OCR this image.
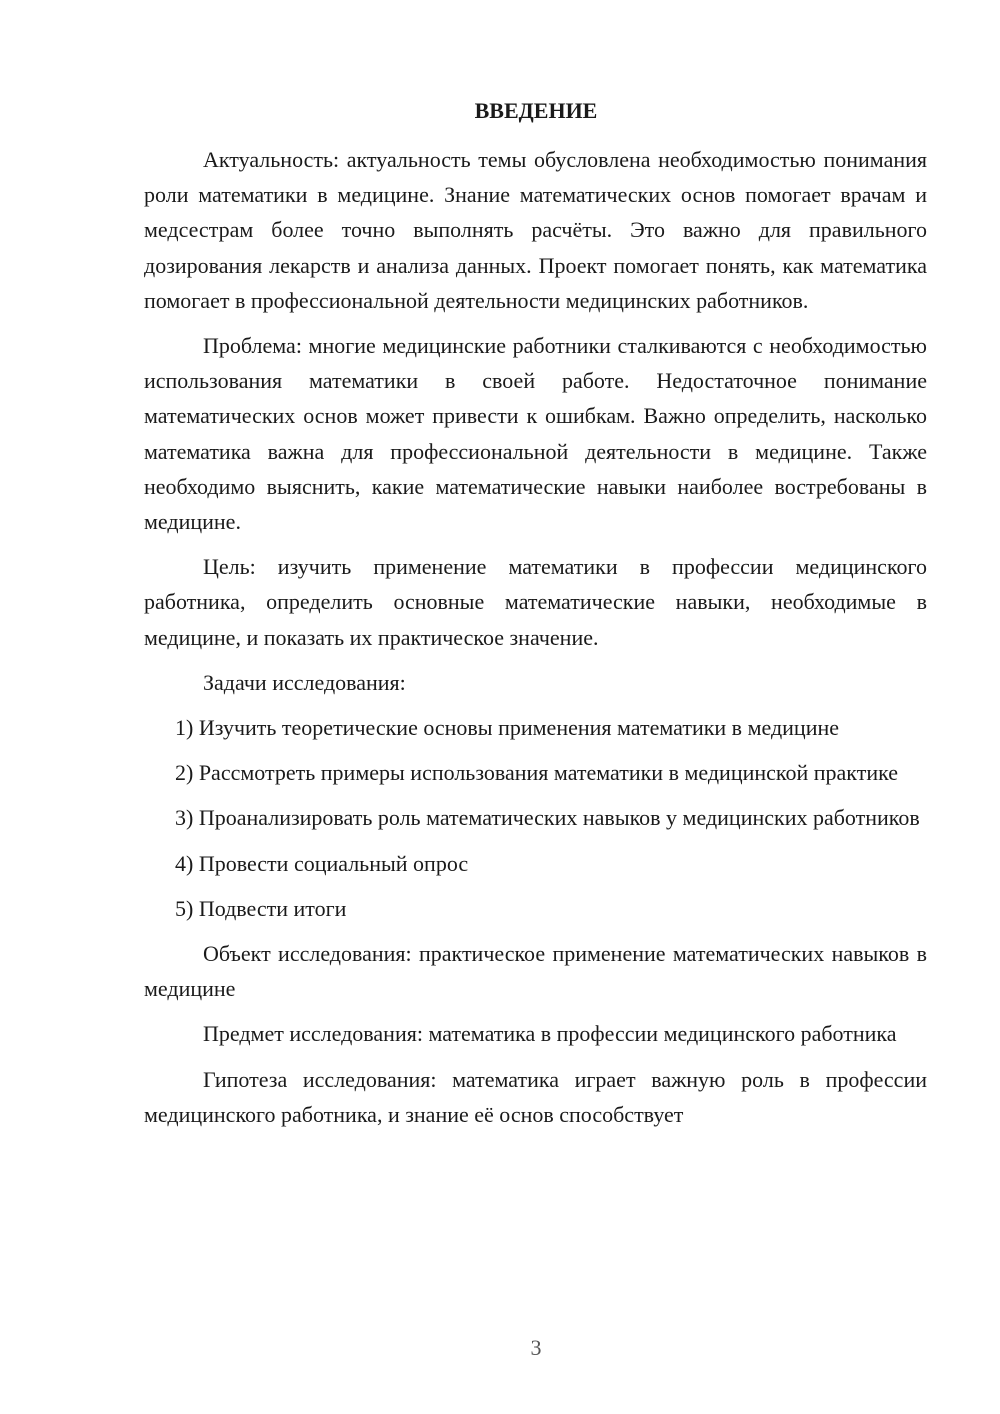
ВВЕДЕНИЕ

Актуальность: актуальность темы обусловлена необходимостью понимания роли математики в медицине. Знание математических основ помогает врачам и медсестрам более точно выполнять расчёты. Это важно для правильного дозирования лекарств и анализа данных. Проект помогает понять, как математика помогает в профессиональной деятельности медицинских работников.

Проблема: многие медицинские работники сталкиваются с необходимостью использования математики в своей работе. Недостаточное понимание математических основ может привести к ошибкам. Важно определить, насколько математика важна для профессиональной деятельности в медицине. Также необходимо выяснить, какие математические навыки наиболее востребованы в медицине.

Цель: изучить применение математики в профессии медицинского работника, определить основные математические навыки, необходимые в медицине, и показать их практическое значение.

Задачи исследования:

1) Изучить теоретические основы применения математики в медицине

2) Рассмотреть примеры использования математики в медицинской практике

3) Проанализировать роль математических навыков у медицинских работников

4) Провести социальный опрос

5) Подвести итоги

Объект исследования: практическое применение математических навыков в медицине

Предмет исследования: математика в профессии медицинского работника

Гипотеза исследования: математика играет важную роль в профессии медицинского работника, и знание её основ способствует

3
